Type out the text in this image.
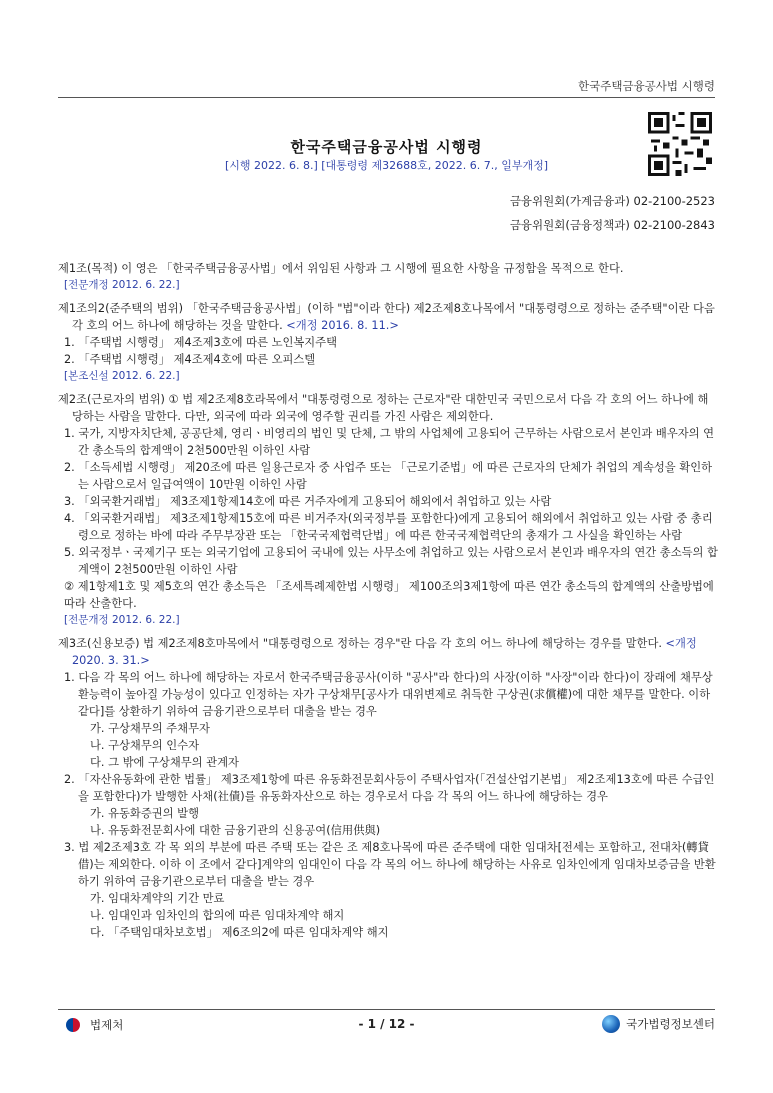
한국주택금융공사법 시행령
한국주택금융공사법 시행령
[시행 2022. 6. 8.] [대통령령 제32688호, 2022. 6. 7., 일부개정]
금융위원회(가계금융과) 02-2100-2523
금융위원회(금융정책과) 02-2100-2843

제1조(목적) 이 영은 「한국주택금융공사법」에서 위임된 사항과 그 시행에 필요한 사항을 규정함을 목적으로 한다.

[전문개정 2012. 6. 22.]

제1조의2(준주택의 범위) 「한국주택금융공사법」(이하 "법"이라 한다) 제2조제8호나목에서 "대통령령으로 정하는 준주택"이란 다음 각 호의 어느 하나에 해당하는 것을 말한다. <개정 2016. 8. 11.>

1. 「주택법 시행령」 제4조제3호에 따른 노인복지주택

2. 「주택법 시행령」 제4조제4호에 따른 오피스텔

[본조신설 2012. 6. 22.]

제2조(근로자의 범위) ① 법 제2조제8호라목에서 "대통령령으로 정하는 근로자"란 대한민국 국민으로서 다음 각 호의 어느 하나에 해당하는 사람을 말한다. 다만, 외국에 따라 외국에 영주할 권리를 가진 사람은 제외한다.

1. 국가, 지방자치단체, 공공단체, 영리ㆍ비영리의 법인 및 단체, 그 밖의 사업체에 고용되어 근무하는 사람으로서 본인과 배우자의 연간 총소득의 합계액이 2천500만원 이하인 사람

2. 「소득세법 시행령」 제20조에 따른 일용근로자 중 사업주 또는 「근로기준법」에 따른 근로자의 단체가 취업의 계속성을 확인하는 사람으로서 일급여액이 10만원 이하인 사람

3. 「외국환거래법」 제3조제1항제14호에 따른 거주자에게 고용되어 해외에서 취업하고 있는 사람

4. 「외국환거래법」 제3조제1항제15호에 따른 비거주자(외국정부를 포함한다)에게 고용되어 해외에서 취업하고 있는 사람 중 총리령으로 정하는 바에 따라 주무부장관 또는 「한국국제협력단법」에 따른 한국국제협력단의 총재가 그 사실을 확인하는 사람

5. 외국정부ㆍ국제기구 또는 외국기업에 고용되어 국내에 있는 사무소에 취업하고 있는 사람으로서 본인과 배우자의 연간 총소득의 합계액이 2천500만원 이하인 사람

② 제1항제1호 및 제5호의 연간 총소득은 「조세특례제한법 시행령」 제100조의3제1항에 따른 연간 총소득의 합계액의 산출방법에 따라 산출한다.

[전문개정 2012. 6. 22.]

제3조(신용보증) 법 제2조제8호마목에서 "대통령령으로 정하는 경우"란 다음 각 호의 어느 하나에 해당하는 경우를 말한다. <개정 2020. 3. 31.>

1. 다음 각 목의 어느 하나에 해당하는 자로서 한국주택금융공사(이하 "공사"라 한다)의 사장(이하 "사장"이라 한다)이 장래에 채무상환능력이 높아질 가능성이 있다고 인정하는 자가 구상채무[공사가 대위변제로 취득한 구상권(求償權)에 대한 채무를 말한다. 이하 같다]를 상환하기 위하여 금융기관으로부터 대출을 받는 경우

가. 구상채무의 주채무자

나. 구상채무의 인수자

다. 그 밖에 구상채무의 관계자

2. 「자산유동화에 관한 법률」 제3조제1항에 따른 유동화전문회사등이 주택사업자(「건설산업기본법」 제2조제13호에 따른 수급인을 포함한다)가 발행한 사채(社債)를 유동화자산으로 하는 경우로서 다음 각 목의 어느 하나에 해당하는 경우

가. 유동화증권의 발행

나. 유동화전문회사에 대한 금융기관의 신용공여(信用供與)

3. 법 제2조제3호 각 목 외의 부분에 따른 주택 또는 같은 조 제8호나목에 따른 준주택에 대한 임대차[전세는 포함하고, 전대차(轉貸借)는 제외한다. 이하 이 조에서 같다]계약의 임대인이 다음 각 목의 어느 하나에 해당하는 사유로 임차인에게 임대차보증금을 반환하기 위하여 금융기관으로부터 대출을 받는 경우

가. 임대차계약의 기간 만료

나. 임대인과 임차인의 합의에 따른 임대차계약 해지

다. 「주택임대차보호법」 제6조의2에 따른 임대차계약 해지

법제처	- 1 / 12 -	국가법령정보센터
